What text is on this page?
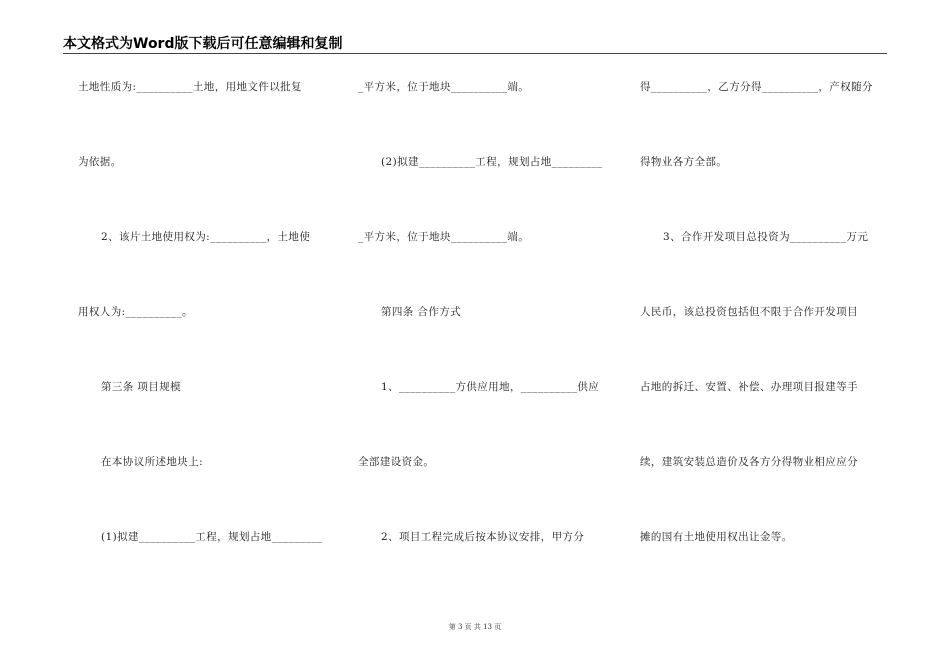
本文格式为Word版下载后可任意编辑和复制
土地性质为:__________土地，用地文件以批复
为依据。
2、该片土地使用权为:__________，土地使
用权人为:__________。
第三条 项目规模
在本协议所述地块上:
(1)拟建__________工程，规划占地_________
_平方米，位于地块__________端。
(2)拟建__________工程，规划占地_________
_平方米，位于地块__________端。
第四条 合作方式
1、__________方供应用地，__________供应
全部建设资金。
2、项目工程完成后按本协议安排，甲方分
得__________，乙方分得__________，产权随分
得物业各方全部。
3、合作开发项目总投资为__________万元
人民币，该总投资包括但不限于合作开发项目
占地的拆迁、安置、补偿、办理项目报建等手
续，建筑安装总造价及各方分得物业相应应分
摊的国有土地使用权出让金等。
第 3 页 共 13 页
